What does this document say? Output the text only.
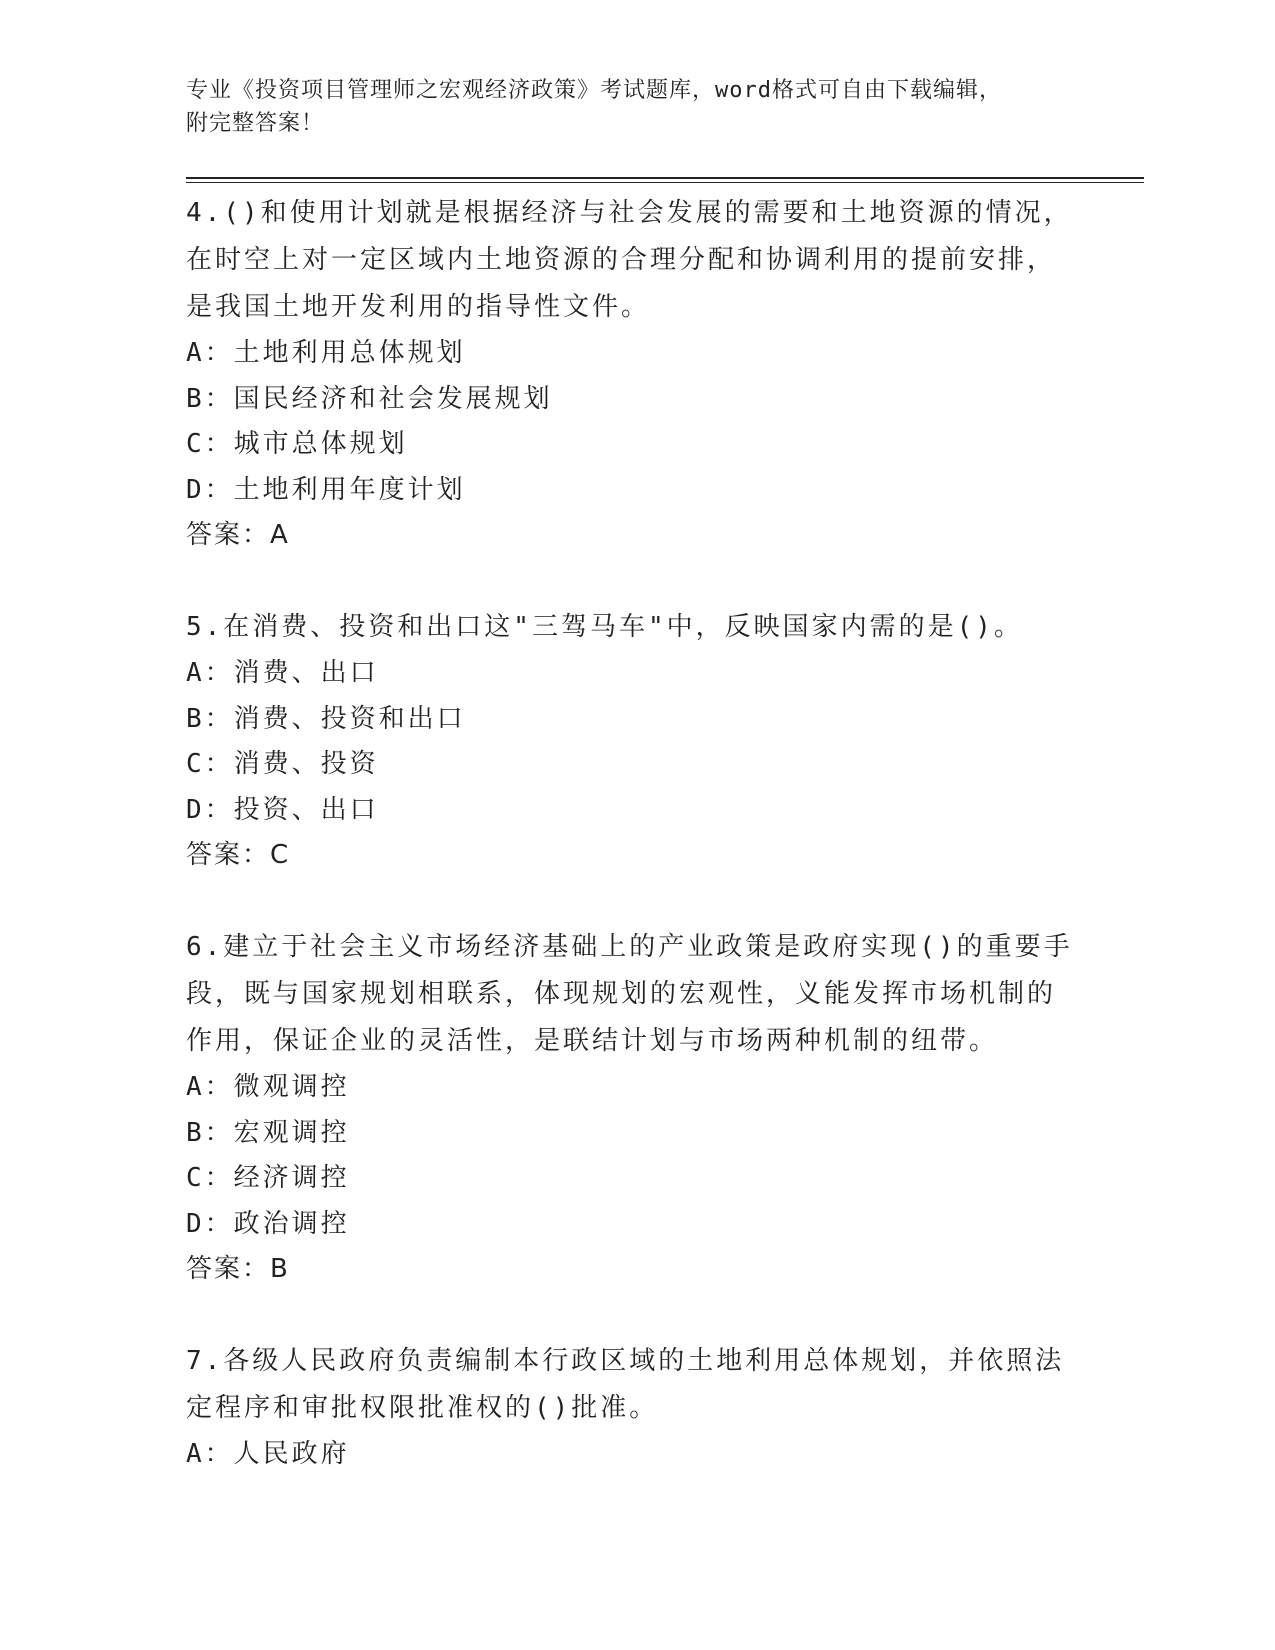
专业《投资项目管理师之宏观经济政策》考试题库，word格式可自由下载编辑，
附完整答案！

4.()和使用计划就是根据经济与社会发展的需要和土地资源的情况，

在时空上对一定区域内土地资源的合理分配和协调利用的提前安排，

是我国土地开发利用的指导性文件。

A：土地利用总体规划

B：国民经济和社会发展规划

C：城市总体规划

D：土地利用年度计划

答案：A

5.在消费、投资和出口这"三驾马车"中，反映国家内需的是()。

A：消费、出口

B：消费、投资和出口

C：消费、投资

D：投资、出口

答案：C

6.建立于社会主义市场经济基础上的产业政策是政府实现()的重要手

段，既与国家规划相联系，体现规划的宏观性，义能发挥市场机制的

作用，保证企业的灵活性，是联结计划与市场两种机制的纽带。

A：微观调控

B：宏观调控

C：经济调控

D：政治调控

答案：B

7.各级人民政府负责编制本行政区域的土地利用总体规划，并依照法

定程序和审批权限批准权的()批准。

A：人民政府
